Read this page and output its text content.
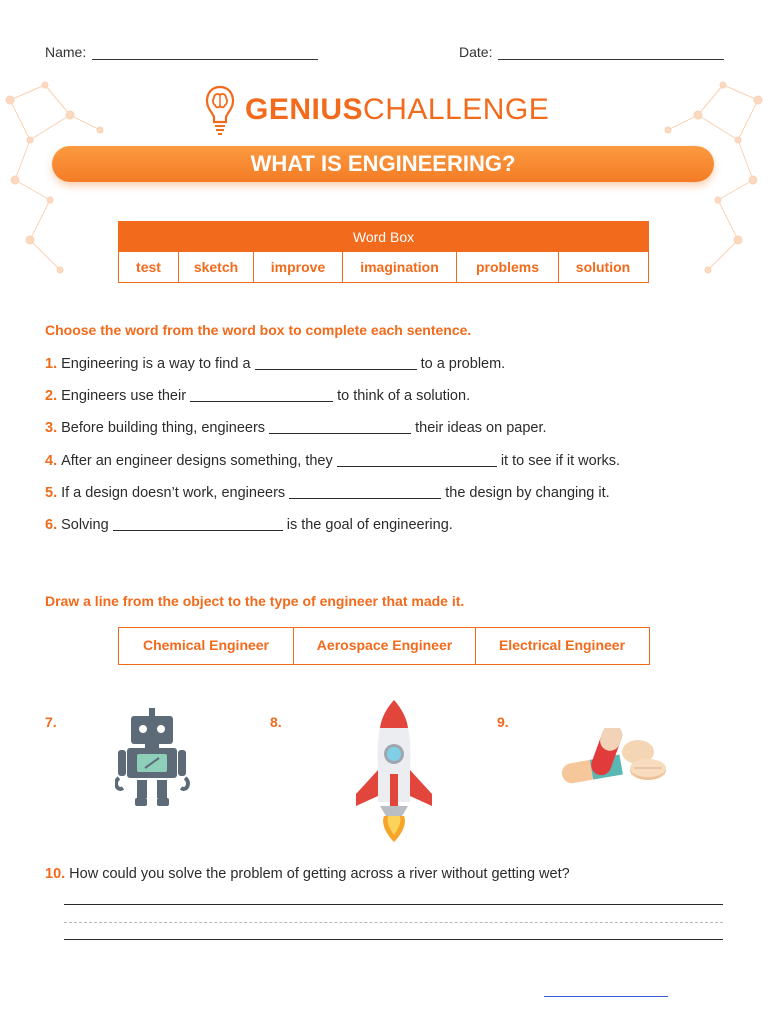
Name:	Date:
GENIUSCHALLENGE
WHAT IS ENGINEERING?
Word Box
test	sketch	improve	imagination	problems	solution
Choose the word from the word box to complete each sentence.
1. Engineering is a way to find a	to a problem.
2. Engineers use their	to think of a solution.
3. Before building thing, engineers	their ideas on paper.
4. After an engineer designs something, they	it to see if it works.
5. If a design doesn’t work, engineers	the design by changing it.
6. Solving	is the goal of engineering.
Draw a line from the object to the type of engineer that made it.
Chemical Engineer	Aerospace Engineer	Electrical Engineer
7.	8.	9.
10. How could you solve the problem of getting across a river without getting wet?
